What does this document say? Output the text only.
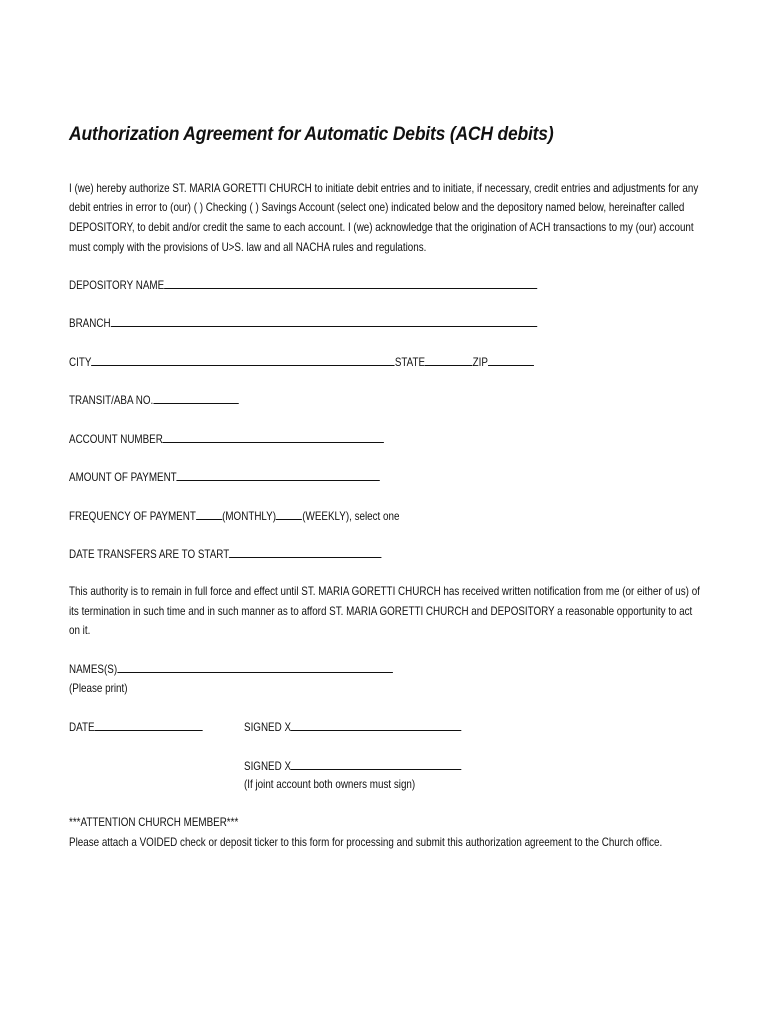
Authorization Agreement for Automatic Debits (ACH debits)
I (we) hereby authorize ST. MARIA GORETTI CHURCH to initiate debit entries and to initiate, if necessary, credit entries and adjustments for any
debit entries in error to (our) ( ) Checking ( ) Savings Account (select one) indicated below and the depository named below, hereinafter called
DEPOSITORY, to debit and/or credit the same to each account. I (we) acknowledge that the origination of ACH transactions to my (our) account
must comply with the provisions of U>S. law and all NACHA rules and regulations.
DEPOSITORY NAME
BRANCH
CITY	STATE	ZIP
TRANSIT/ABA NO.
ACCOUNT NUMBER
AMOUNT OF PAYMENT
FREQUENCY OF PAYMENT (MONTHLY) (WEEKLY), select one
DATE TRANSFERS ARE TO START
This authority is to remain in full force and effect until ST. MARIA GORETTI CHURCH has received written notification from me (or either of us) of
its termination in such time and in such manner as to afford ST. MARIA GORETTI CHURCH and DEPOSITORY a reasonable opportunity to act
on it.
NAMES(S)
(Please print)
DATE	SIGNED X
SIGNED X
(If joint account both owners must sign)
***ATTENTION CHURCH MEMBER***
Please attach a VOIDED check or deposit ticker to this form for processing and submit this authorization agreement to the Church office.
